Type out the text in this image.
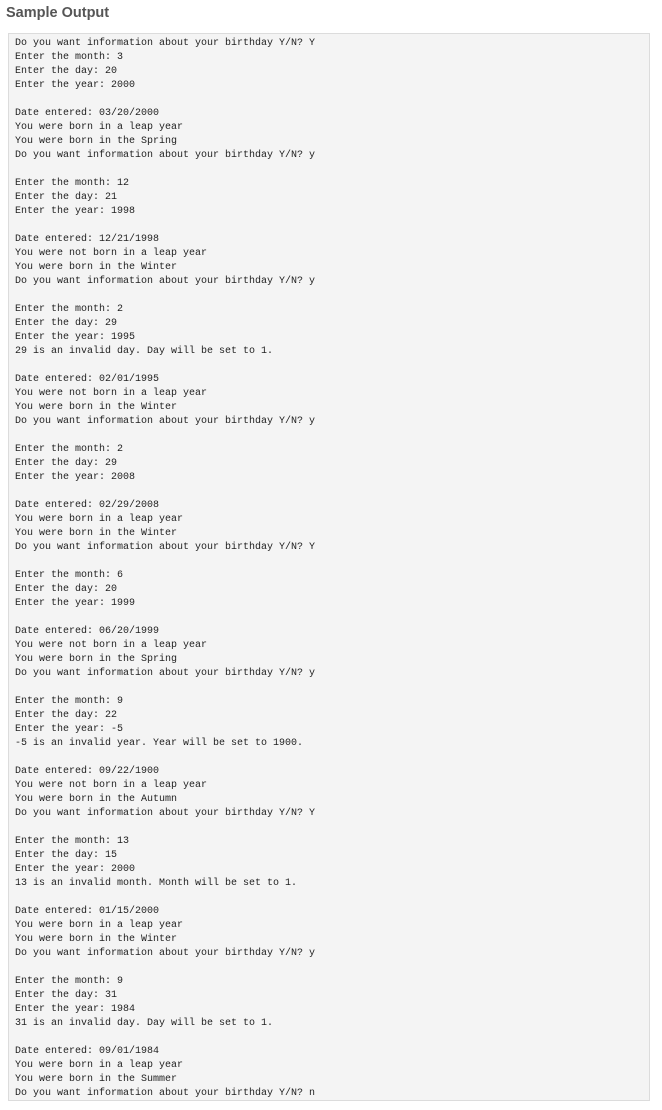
Sample Output
Do you want information about your birthday Y/N? Y
Enter the month: 3
Enter the day: 20
Enter the year: 2000
Date entered: 03/20/2000
You were born in a leap year
You were born in the Spring
Do you want information about your birthday Y/N? y
Enter the month: 12
Enter the day: 21
Enter the year: 1998
Date entered: 12/21/1998
You were not born in a leap year
You were born in the Winter
Do you want information about your birthday Y/N? y
Enter the month: 2
Enter the day: 29
Enter the year: 1995
29 is an invalid day. Day will be set to 1.
Date entered: 02/01/1995
You were not born in a leap year
You were born in the Winter
Do you want information about your birthday Y/N? y
Enter the month: 2
Enter the day: 29
Enter the year: 2008
Date entered: 02/29/2008
You were born in a leap year
You were born in the Winter
Do you want information about your birthday Y/N? Y
Enter the month: 6
Enter the day: 20
Enter the year: 1999
Date entered: 06/20/1999
You were not born in a leap year
You were born in the Spring
Do you want information about your birthday Y/N? y
Enter the month: 9
Enter the day: 22
Enter the year: -5
-5 is an invalid year. Year will be set to 1900.
Date entered: 09/22/1900
You were not born in a leap year
You were born in the Autumn
Do you want information about your birthday Y/N? Y
Enter the month: 13
Enter the day: 15
Enter the year: 2000
13 is an invalid month. Month will be set to 1.
Date entered: 01/15/2000
You were born in a leap year
You were born in the Winter
Do you want information about your birthday Y/N? y
Enter the month: 9
Enter the day: 31
Enter the year: 1984
31 is an invalid day. Day will be set to 1.
Date entered: 09/01/1984
You were born in a leap year
You were born in the Summer
Do you want information about your birthday Y/N? n
